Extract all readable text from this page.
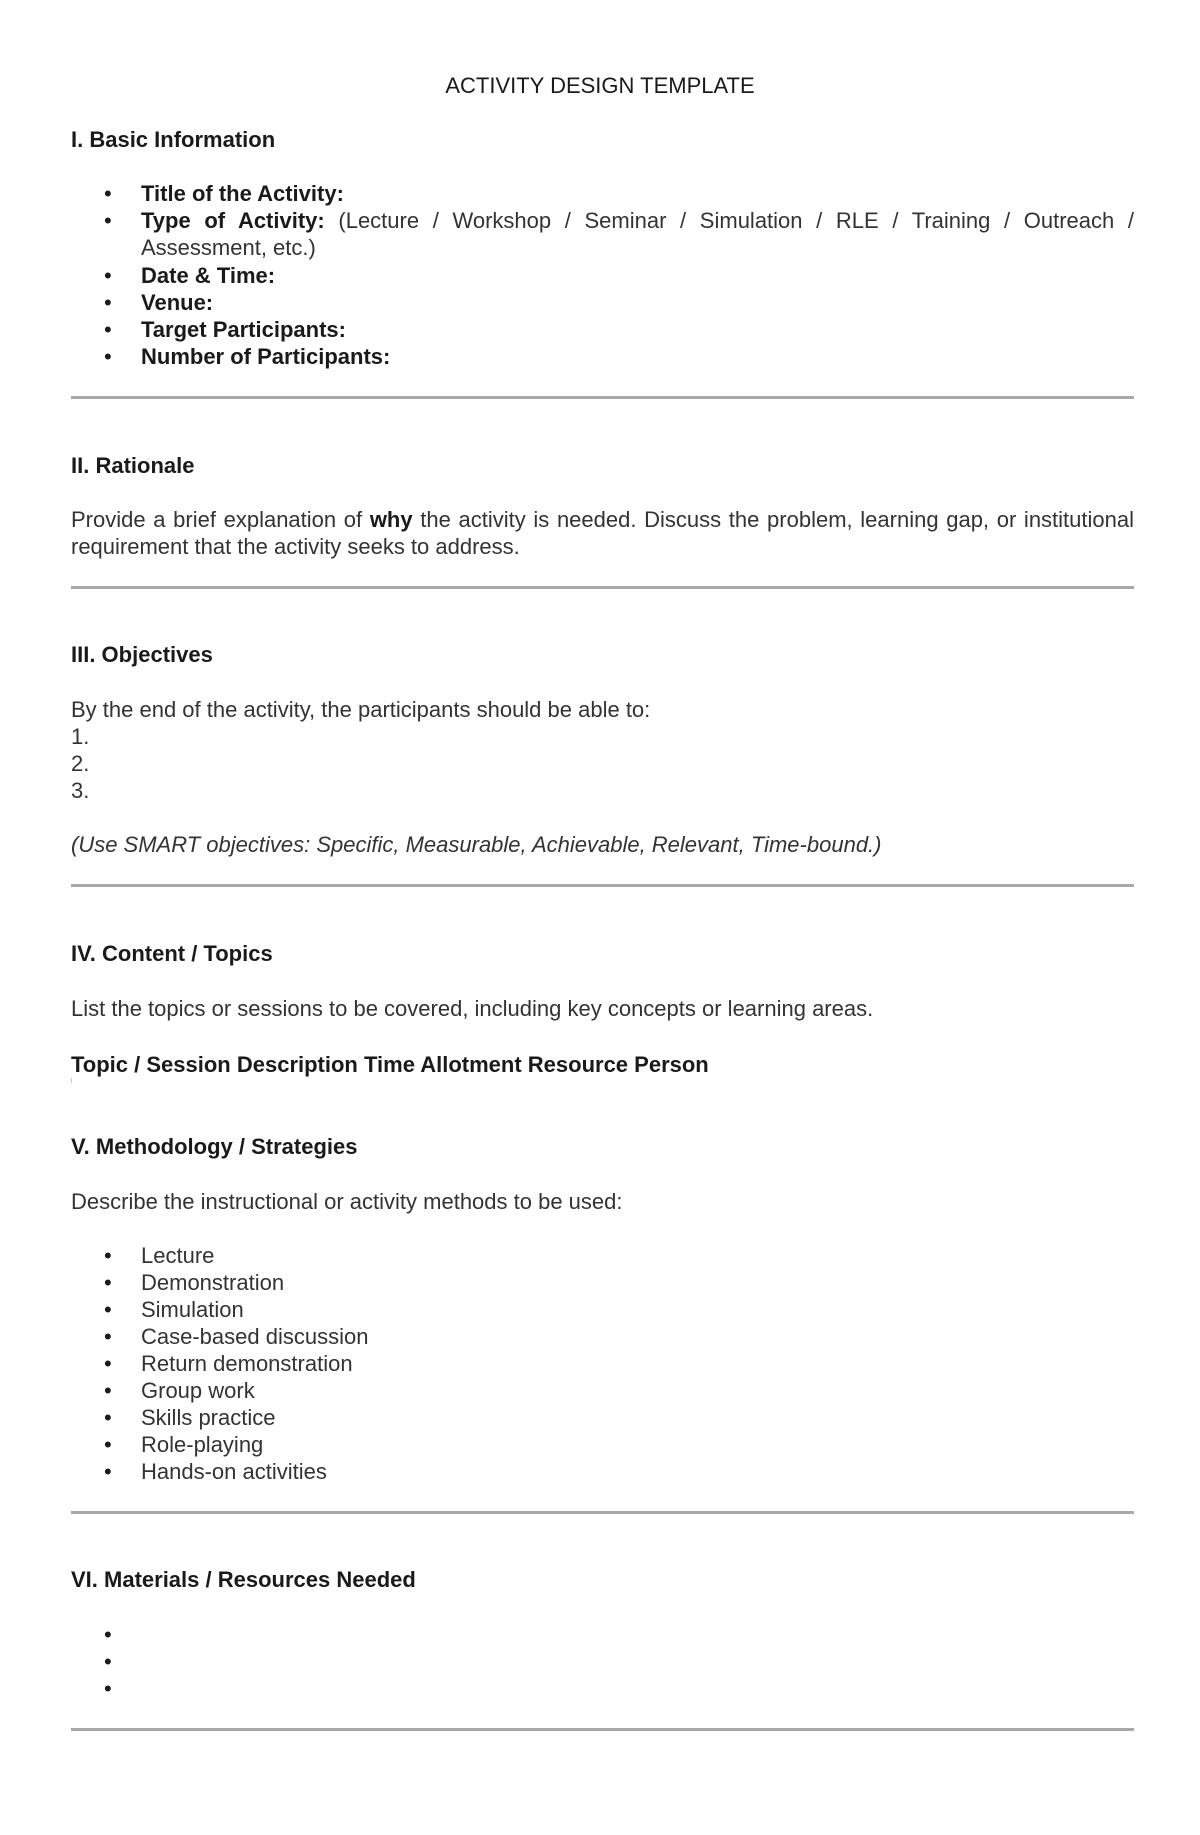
ACTIVITY DESIGN TEMPLATE
I. Basic Information
• Title of the Activity:
• Type of Activity: (Lecture / Workshop / Seminar / Simulation / RLE / Training / Outreach / Assessment, etc.)
• Date & Time:
• Venue:
• Target Participants:
• Number of Participants:
II. Rationale
Provide a brief explanation of why the activity is needed. Discuss the problem, learning gap, or institutional requirement that the activity seeks to address.
III. Objectives
By the end of the activity, the participants should be able to:
1.
2.
3.
(Use SMART objectives: Specific, Measurable, Achievable, Relevant, Time-bound.)
IV. Content / Topics
List the topics or sessions to be covered, including key concepts or learning areas.
Topic / Session Description Time Allotment Resource Person
V. Methodology / Strategies
Describe the instructional or activity methods to be used:
• Lecture
• Demonstration
• Simulation
• Case-based discussion
• Return demonstration
• Group work
• Skills practice
• Role-playing
• Hands-on activities
VI. Materials / Resources Needed
•
•
•
